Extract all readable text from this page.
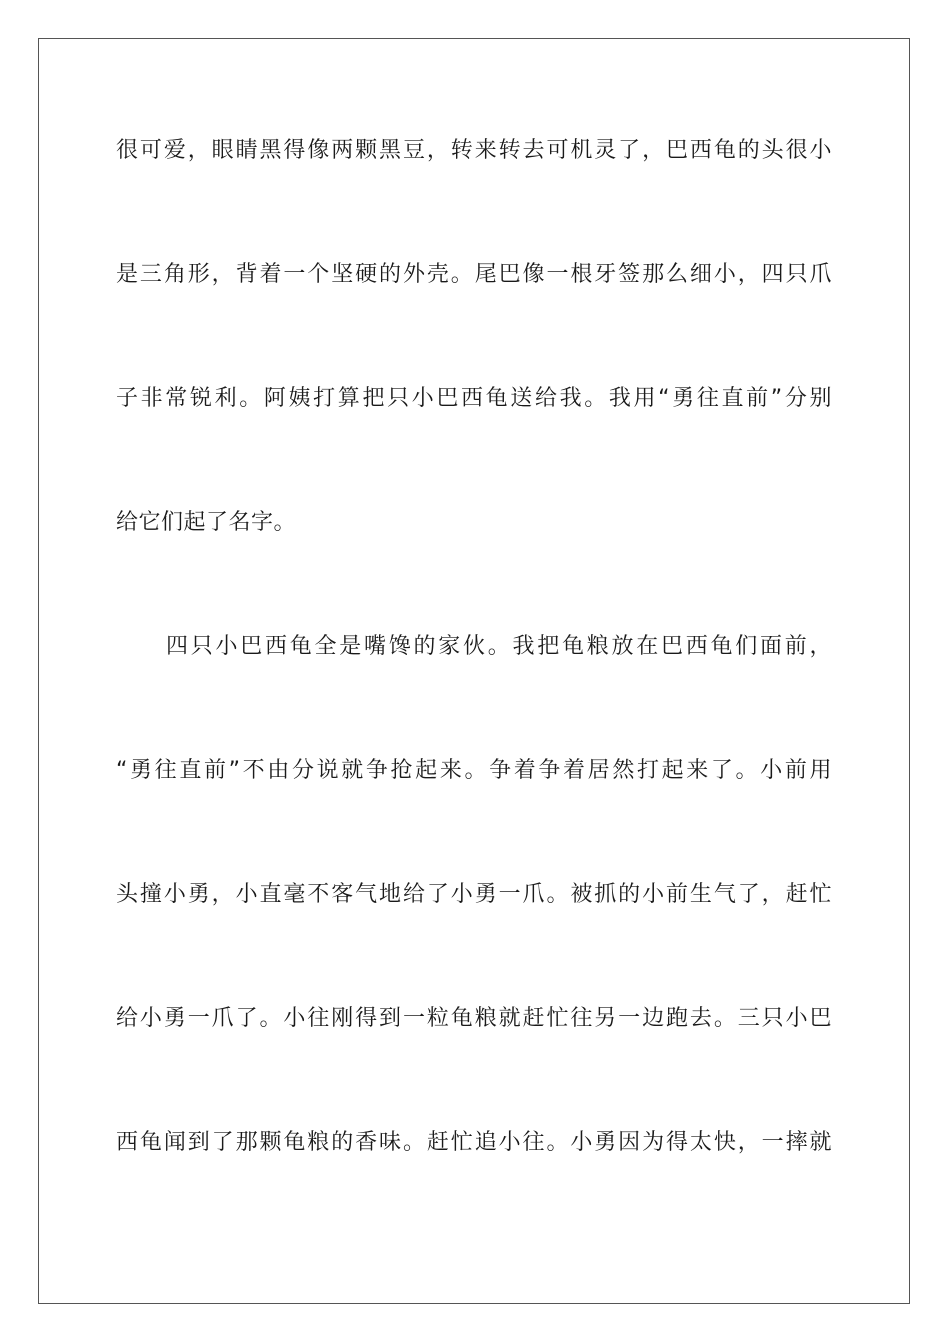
很可爱，眼睛黑得像两颗黑豆，转来转去可机灵了，巴西龟的头很小
是三角形，背着一个坚硬的外壳。尾巴像一根牙签那么细小，四只爪
子非常锐利。阿姨打算把只小巴西龟送给我。我用“勇往直前”分别
给它们起了名字。
四只小巴西龟全是嘴馋的家伙。我把龟粮放在巴西龟们面前，
“勇往直前”不由分说就争抢起来。争着争着居然打起来了。小前用
头撞小勇，小直毫不客气地给了小勇一爪。被抓的小前生气了，赶忙
给小勇一爪了。小往刚得到一粒龟粮就赶忙往另一边跑去。三只小巴
西龟闻到了那颗龟粮的香味。赶忙追小往。小勇因为得太快，一摔就
